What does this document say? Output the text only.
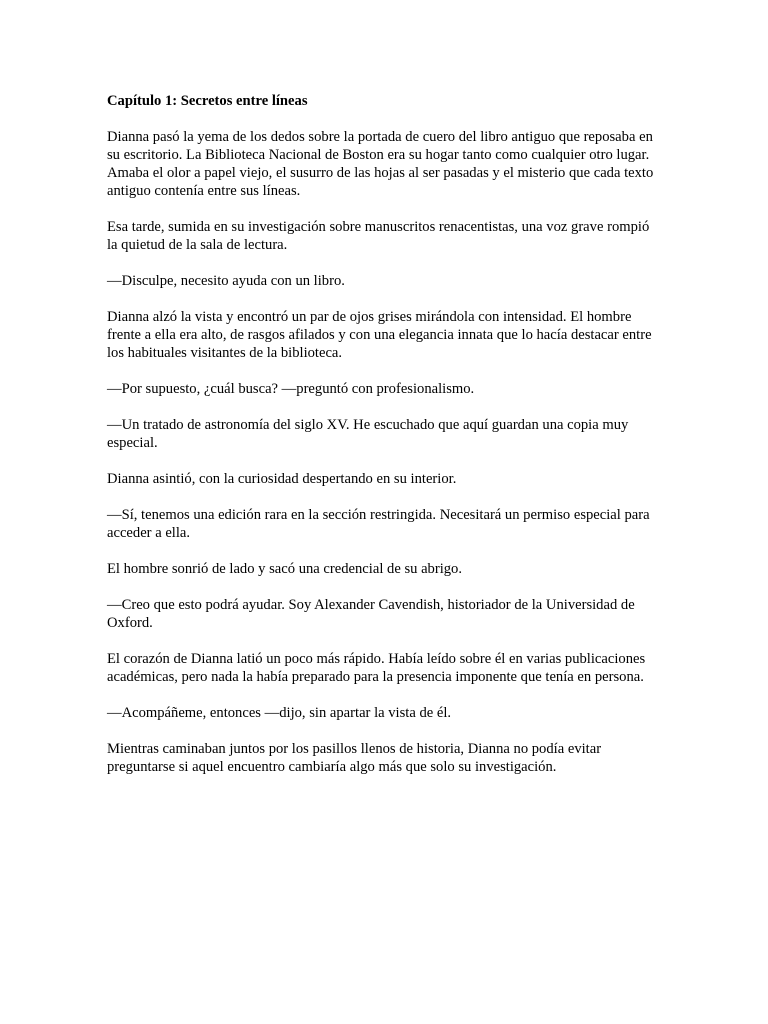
Capítulo 1: Secretos entre líneas

Dianna pasó la yema de los dedos sobre la portada de cuero del libro antiguo que reposaba en su escritorio. La Biblioteca Nacional de Boston era su hogar tanto como cualquier otro lugar. Amaba el olor a papel viejo, el susurro de las hojas al ser pasadas y el misterio que cada texto antiguo contenía entre sus líneas.

Esa tarde, sumida en su investigación sobre manuscritos renacentistas, una voz grave rompió la quietud de la sala de lectura.

—Disculpe, necesito ayuda con un libro.

Dianna alzó la vista y encontró un par de ojos grises mirándola con intensidad. El hombre frente a ella era alto, de rasgos afilados y con una elegancia innata que lo hacía destacar entre los habituales visitantes de la biblioteca.

—Por supuesto, ¿cuál busca? —preguntó con profesionalismo.

—Un tratado de astronomía del siglo XV. He escuchado que aquí guardan una copia muy especial.

Dianna asintió, con la curiosidad despertando en su interior.

—Sí, tenemos una edición rara en la sección restringida. Necesitará un permiso especial para acceder a ella.

El hombre sonrió de lado y sacó una credencial de su abrigo.

—Creo que esto podrá ayudar. Soy Alexander Cavendish, historiador de la Universidad de Oxford.

El corazón de Dianna latió un poco más rápido. Había leído sobre él en varias publicaciones académicas, pero nada la había preparado para la presencia imponente que tenía en persona.

—Acompáñeme, entonces —dijo, sin apartar la vista de él.

Mientras caminaban juntos por los pasillos llenos de historia, Dianna no podía evitar preguntarse si aquel encuentro cambiaría algo más que solo su investigación.
